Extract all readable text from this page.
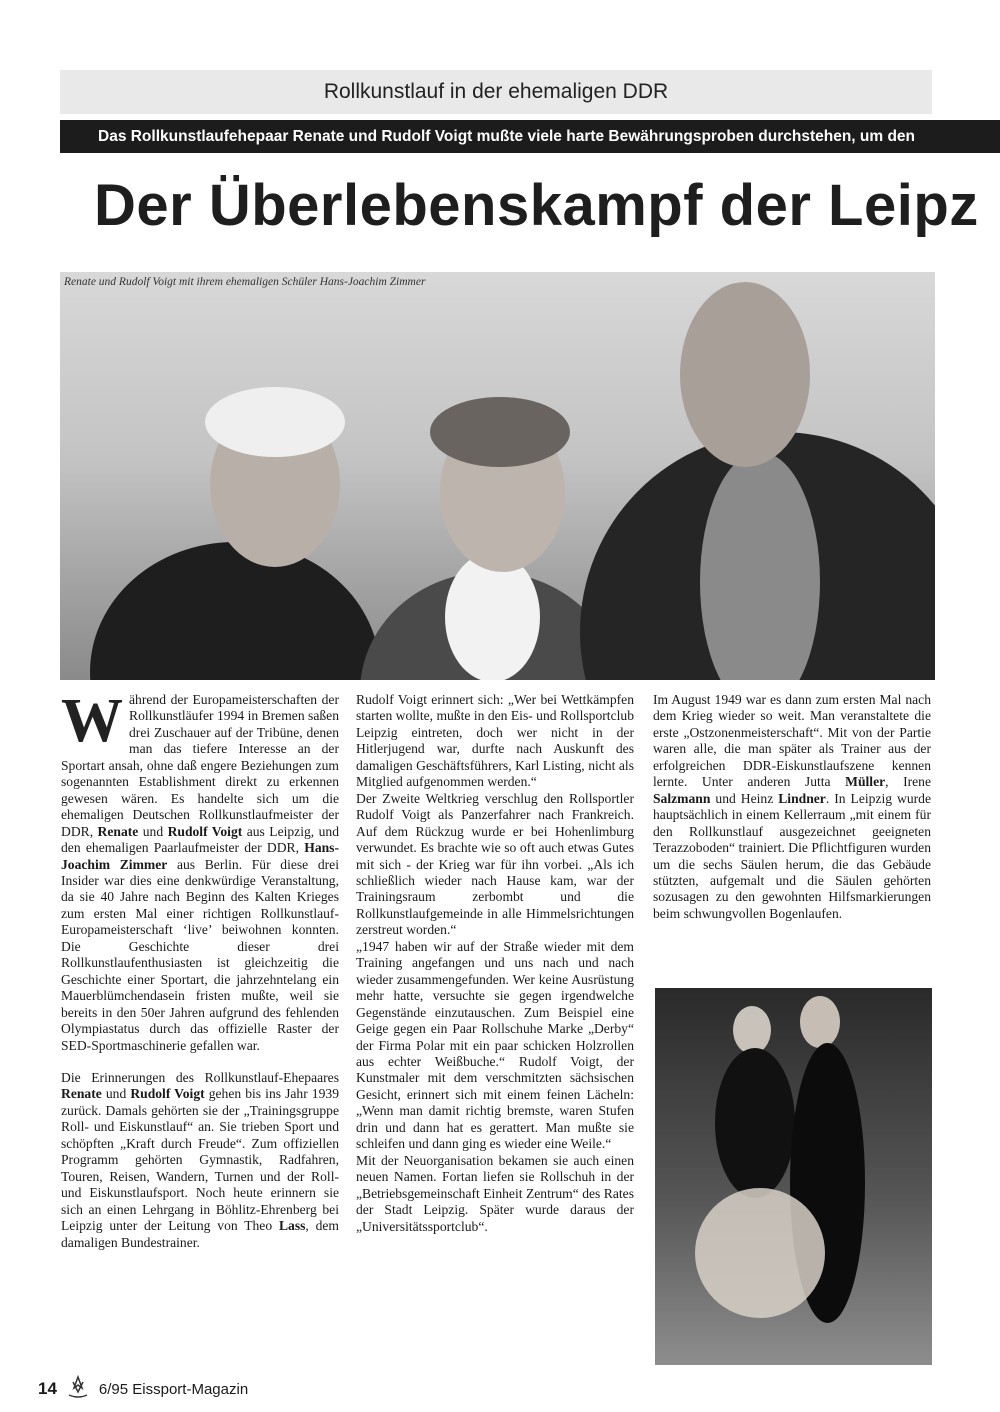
Rollkunstlauf in der ehemaligen DDR
Das Rollkunstlaufehepaar Renate und Rudolf Voigt mußte viele harte Bewährungsproben durchstehen, um den
Der Überlebenskampf der Leipz
Renate und Rudolf Voigt mit ihrem ehemaligen Schüler Hans-Joachim Zimmer

Während der Europameisterschaften der Rollkunstläufer 1994 in Bremen saßen drei Zuschauer auf der Tribüne, denen man das tiefere Interesse an der Sportart ansah, ohne daß engere Beziehungen zum sogenannten Establishment direkt zu erkennen gewesen wären. Es handelte sich um die ehemaligen Deutschen Rollkunstlaufmeister der DDR, Renate und Rudolf Voigt aus Leipzig, und den ehemaligen Paarlaufmeister der DDR, Hans-Joachim Zimmer aus Berlin. Für diese drei Insider war dies eine denkwürdige Veranstaltung, da sie 40 Jahre nach Beginn des Kalten Krieges zum ersten Mal einer richtigen Rollkunstlauf-Europameisterschaft ‘live’ beiwohnen konnten. Die Geschichte dieser drei Rollkunstlaufenthusiasten ist gleichzeitig die Geschichte einer Sportart, die jahrzehntelang ein Mauerblümchendasein fristen mußte, weil sie bereits in den 50er Jahren aufgrund des fehlenden Olympiastatus durch das offizielle Raster der SED-Sportmaschinerie gefallen war.

Die Erinnerungen des Rollkunstlauf-Ehepaares Renate und Rudolf Voigt gehen bis ins Jahr 1939 zurück. Damals gehörten sie der „Trainingsgruppe Roll- und Eiskunstlauf“ an. Sie trieben Sport und schöpften „Kraft durch Freude“. Zum offiziellen Programm gehörten Gymnastik, Radfahren, Touren, Reisen, Wandern, Turnen und der Roll- und Eiskunstlaufsport. Noch heute erinnern sie sich an einen Lehrgang in Böhlitz-Ehrenberg bei Leipzig unter der Leitung von Theo Lass, dem damaligen Bundestrainer.

Rudolf Voigt erinnert sich: „Wer bei Wettkämpfen starten wollte, mußte in den Eis- und Rollsportclub Leipzig eintreten, doch wer nicht in der Hitlerjugend war, durfte nach Auskunft des damaligen Geschäftsführers, Karl Listing, nicht als Mitglied aufgenommen werden.“

Der Zweite Weltkrieg verschlug den Rollsportler Rudolf Voigt als Panzerfahrer nach Frankreich. Auf dem Rückzug wurde er bei Hohenlimburg verwundet. Es brachte wie so oft auch etwas Gutes mit sich - der Krieg war für ihn vorbei. „Als ich schließlich wieder nach Hause kam, war der Trainingsraum zerbombt und die Rollkunstlaufgemeinde in alle Himmelsrichtungen zerstreut worden.“

„1947 haben wir auf der Straße wieder mit dem Training angefangen und uns nach und nach wieder zusammengefunden. Wer keine Ausrüstung mehr hatte, versuchte sie gegen irgendwelche Gegenstände einzutauschen. Zum Beispiel eine Geige gegen ein Paar Rollschuhe Marke „Derby“ der Firma Polar mit ein paar schicken Holzrollen aus echter Weißbuche.“ Rudolf Voigt, der Kunstmaler mit dem verschmitzten sächsischen Gesicht, erinnert sich mit einem feinen Lächeln: „Wenn man damit richtig bremste, waren Stufen drin und dann hat es gerattert. Man mußte sie schleifen und dann ging es wieder eine Weile.“

Mit der Neuorganisation bekamen sie auch einen neuen Namen. Fortan liefen sie Rollschuh in der „Betriebsgemeinschaft Einheit Zentrum“ des Rates der Stadt Leipzig. Später wurde daraus der „Universitätssportclub“.

Im August 1949 war es dann zum ersten Mal nach dem Krieg wieder so weit. Man veranstaltete die erste „Ostzonenmeisterschaft“. Mit von der Partie waren alle, die man später als Trainer aus der erfolgreichen DDR-Eiskunstlaufszene kennen lernte. Unter anderen Jutta Müller, Irene Salzmann und Heinz Lindner. In Leipzig wurde hauptsächlich in einem Kellerraum „mit einem für den Rollkunstlauf ausgezeichnet geeigneten Terazzoboden“ trainiert. Die Pflichtfiguren wurden um die sechs Säulen herum, die das Gebäude stützten, aufgemalt und die Säulen gehörten sozusagen zu den gewohnten Hilfsmarkierungen beim schwungvollen Bogenlaufen.

14	6/95 Eissport-Magazin
